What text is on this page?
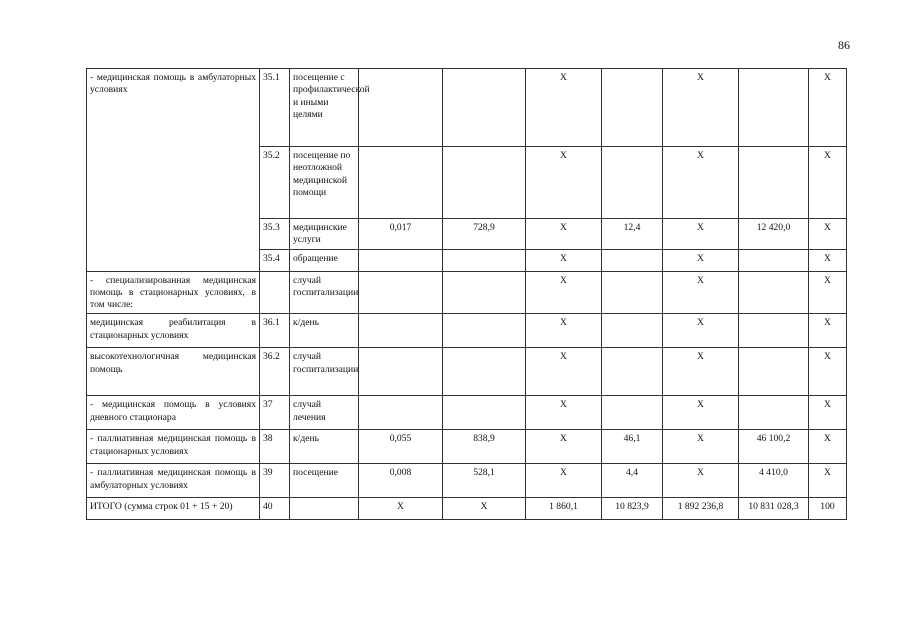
86
- медицинская помощь в амбулаторных условиях	35.1	посещение с профилактической и иными целями			X		X		X
	35.2	посещение по неотложной медицинской помощи			X		X		X
	35.3	медицинские услуги	0,017	728,9	X	12,4	X	12 420,0	X
	35.4	обращение			X		X		X
- специализированная медицинская помощь в стационарных условиях, в том числе:		случай госпитализации			X		X		X
медицинская реабилитация в стационарных условиях	36.1	к/день			X		X		X
высокотехнологичная медицинская помощь	36.2	случай госпитализации			X		X		X
- медицинская помощь в условиях дневного стационара	37	случай лечения			X		X		X
- паллиативная медицинская помощь в стационарных условиях	38	к/день	0,055	838,9	X	46,1	X	46 100,2	X
- паллиативная медицинская помощь в амбулаторных условиях	39	посещение	0,008	528,1	X	4,4	X	4 410,0	X
ИТОГО (сумма строк 01 + 15 + 20)	40		X	X	1 860,1	10 823,9	1 892 236,8	10 831 028,3	100
